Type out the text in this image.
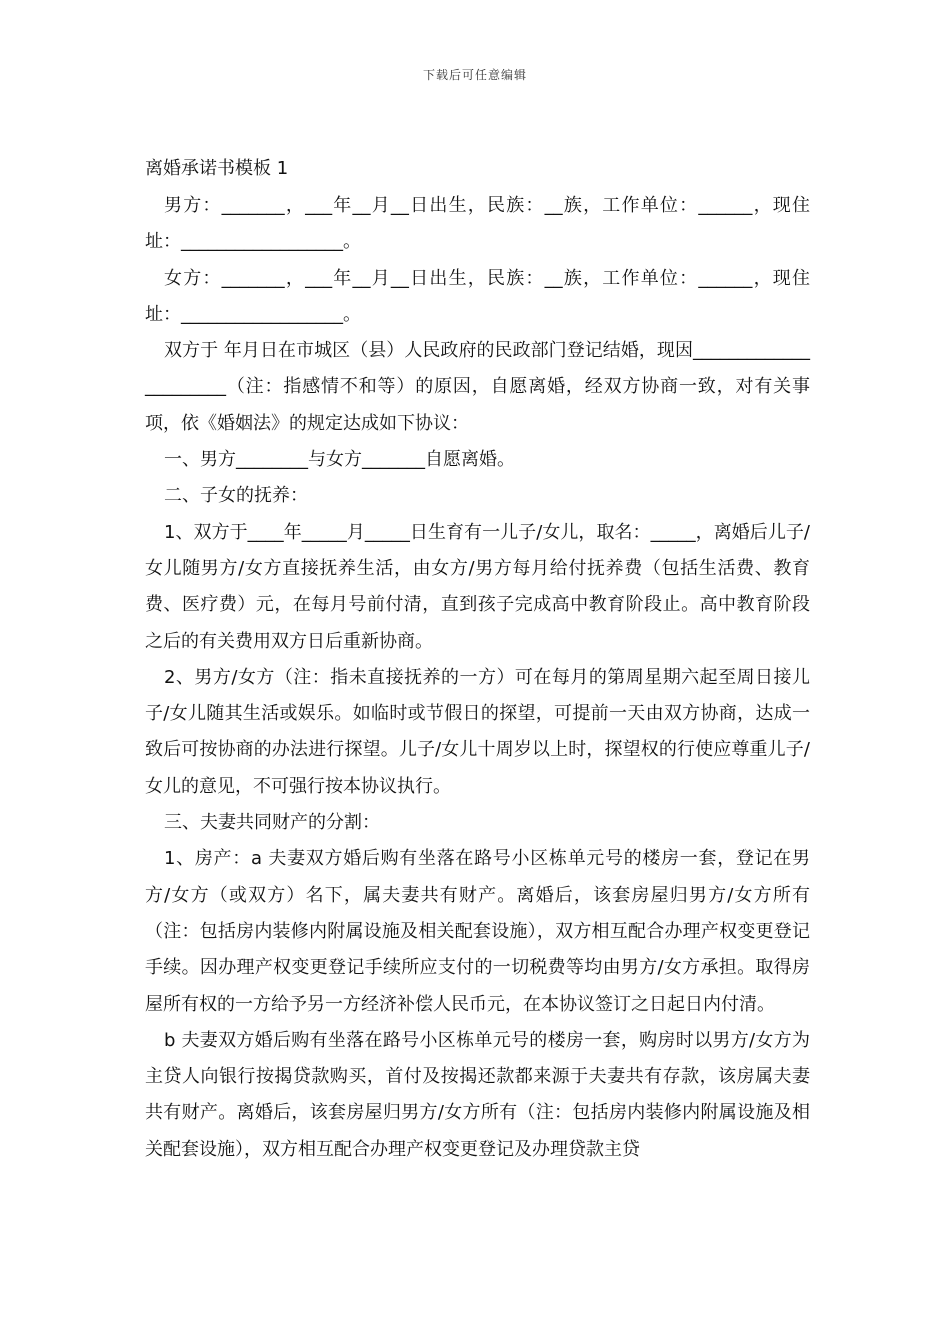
下载后可任意编辑
离婚承诺书模板 1

男方：_______，___年__月__日出生，民族：__族，工作单位：______，现住址：__________________。

女方：_______，___年__月__日出生，民族：__族，工作单位：______，现住址：__________________。

双方于 年月日在市城区（县）人民政府的民政部门登记结婚，现因______________________（注：指感情不和等）的原因，自愿离婚，经双方协商一致，对有关事项，依《婚姻法》的规定达成如下协议：

一、男方________与女方_______自愿离婚。

二、子女的抚养：

1、双方于____年_____月_____日生育有一儿子/女儿，取名：_____，离婚后儿子/女儿随男方/女方直接抚养生活，由女方/男方每月给付抚养费（包括生活费、教育费、医疗费）元，在每月号前付清，直到孩子完成高中教育阶段止。高中教育阶段之后的有关费用双方日后重新协商。

2、男方/女方（注：指未直接抚养的一方）可在每月的第周星期六起至周日接儿子/女儿随其生活或娱乐。如临时或节假日的探望，可提前一天由双方协商，达成一致后可按协商的办法进行探望。儿子/女儿十周岁以上时，探望权的行使应尊重儿子/女儿的意见，不可强行按本协议执行。

三、夫妻共同财产的分割：

1、房产：a 夫妻双方婚后购有坐落在路号小区栋单元号的楼房一套，登记在男方/女方（或双方）名下，属夫妻共有财产。离婚后，该套房屋归男方/女方所有（注：包括房内装修内附属设施及相关配套设施），双方相互配合办理产权变更登记手续。因办理产权变更登记手续所应支付的一切税费等均由男方/女方承担。取得房屋所有权的一方给予另一方经济补偿人民币元，在本协议签订之日起日内付清。

b 夫妻双方婚后购有坐落在路号小区栋单元号的楼房一套，购房时以男方/女方为主贷人向银行按揭贷款购买，首付及按揭还款都来源于夫妻共有存款，该房属夫妻共有财产。离婚后，该套房屋归男方/女方所有（注：包括房内装修内附属设施及相关配套设施），双方相互配合办理产权变更登记及办理贷款主贷
